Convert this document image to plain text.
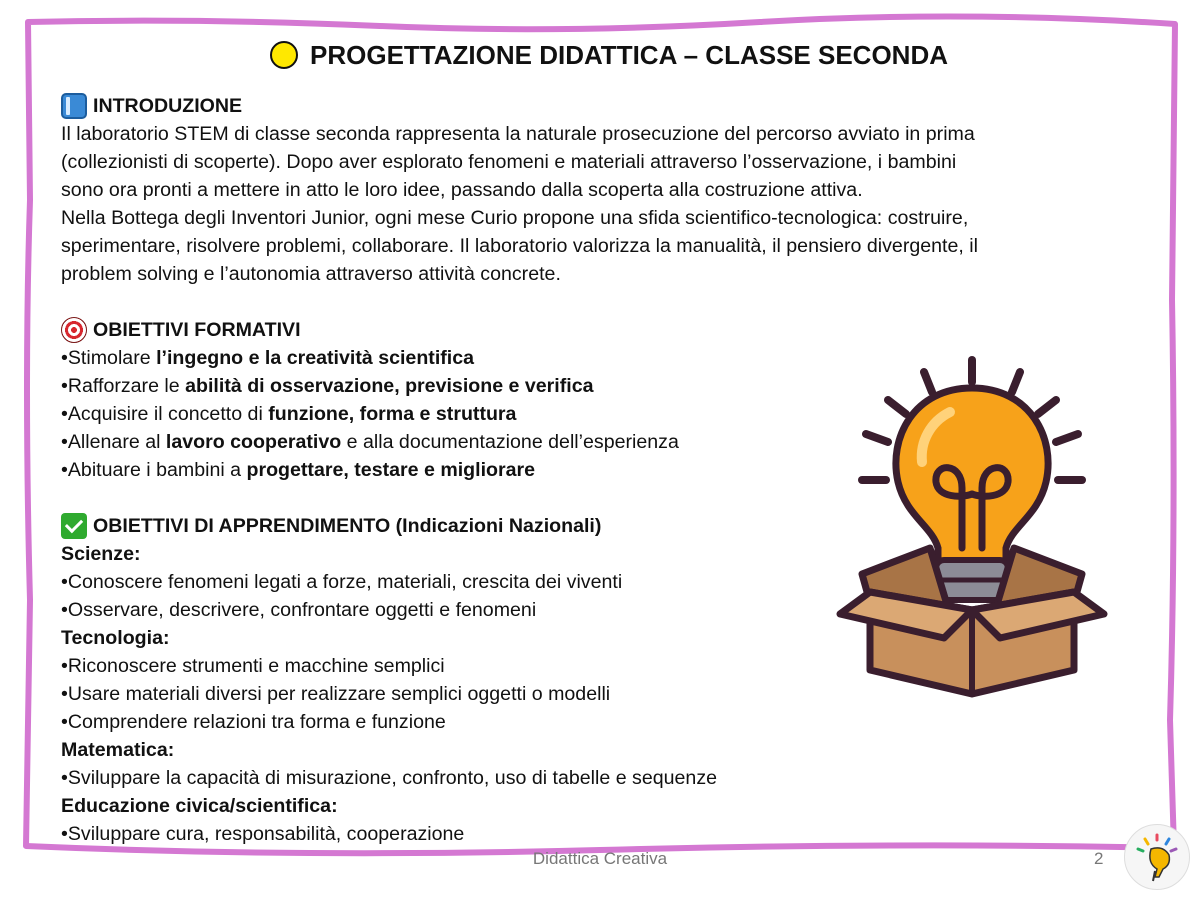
PROGETTAZIONE DIDATTICA – CLASSE SECONDA
INTRODUZIONE
Il laboratorio STEM di classe seconda rappresenta la naturale prosecuzione del percorso avviato in prima
(collezionisti di scoperte). Dopo aver esplorato fenomeni e materiali attraverso l’osservazione, i bambini
sono ora pronti a mettere in atto le loro idee, passando dalla scoperta alla costruzione attiva.
Nella Bottega degli Inventori Junior, ogni mese Curio propone una sfida scientifico-tecnologica: costruire,
sperimentare, risolvere problemi, collaborare. Il laboratorio valorizza la manualità, il pensiero divergente, il
problem solving e l’autonomia attraverso attività concrete.
OBIETTIVI FORMATIVI
•Stimolare l’ingegno e la creatività scientifica
•Rafforzare le abilità di osservazione, previsione e verifica
•Acquisire il concetto di funzione, forma e struttura
•Allenare al lavoro cooperativo e alla documentazione dell’esperienza
•Abituare i bambini a progettare, testare e migliorare
OBIETTIVI DI APPRENDIMENTO (Indicazioni Nazionali)
Scienze:
•Conoscere fenomeni legati a forze, materiali, crescita dei viventi
•Osservare, descrivere, confrontare oggetti e fenomeni
Tecnologia:
•Riconoscere strumenti e macchine semplici
•Usare materiali diversi per realizzare semplici oggetti o modelli
•Comprendere relazioni tra forma e funzione
Matematica:
•Sviluppare la capacità di misurazione, confronto, uso di tabelle e sequenze
Educazione civica/scientifica:
•Sviluppare cura, responsabilità, cooperazione
Didattica Creativa	2
